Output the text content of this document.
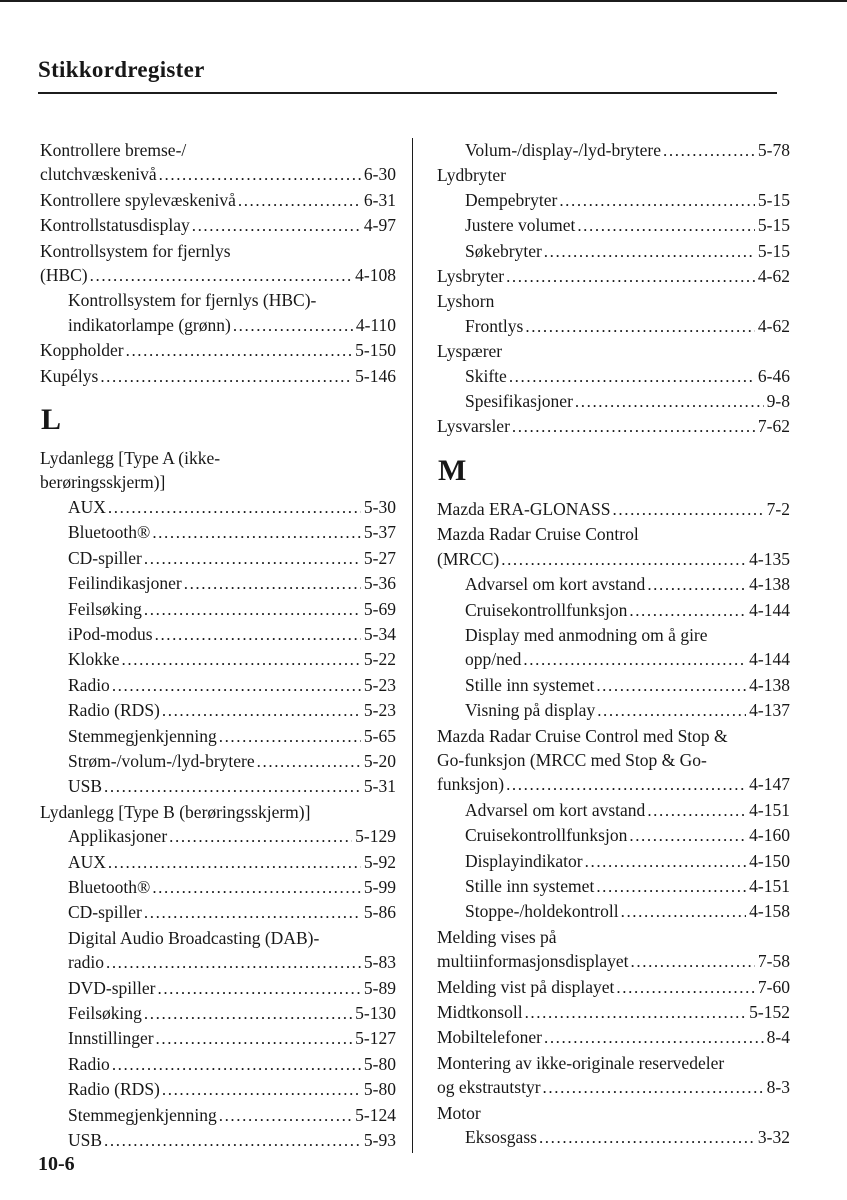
Stikkordregister
Kontrollere bremse-/
clutchvæskenivå .....	6-30
Kontrollere spylevæskenivå .....	6-31
Kontrollstatusdisplay .....	4-97
Kontrollsystem for fjernlys
(HBC) .....	4-108
Kontrollsystem for fjernlys (HBC)-
indikatorlampe (grønn) .....	4-110
Koppholder .....	5-150
Kupélys .....	5-146
L
Lydanlegg [Type A (ikke-
berøringsskjerm)]
AUX .....	5-30
Bluetooth® .....	5-37
CD-spiller .....	5-27
Feilindikasjoner .....	5-36
Feilsøking .....	5-69
iPod-modus .....	5-34
Klokke .....	5-22
Radio .....	5-23
Radio (RDS) .....	5-23
Stemmegjenkjenning .....	5-65
Strøm-/volum-/lyd-brytere .....	5-20
USB .....	5-31
Lydanlegg [Type B (berøringsskjerm)]
Applikasjoner .....	5-129
AUX .....	5-92
Bluetooth® .....	5-99
CD-spiller .....	5-86
Digital Audio Broadcasting (DAB)-
radio .....	5-83
DVD-spiller .....	5-89
Feilsøking .....	5-130
Innstillinger .....	5-127
Radio .....	5-80
Radio (RDS) .....	5-80
Stemmegjenkjenning .....	5-124
USB .....	5-93
Volum-/display-/lyd-brytere .....	5-78
Lydbryter
Dempebryter .....	5-15
Justere volumet .....	5-15
Søkebryter .....	5-15
Lysbryter .....	4-62
Lyshorn
Frontlys .....	4-62
Lyspærer
Skifte .....	6-46
Spesifikasjoner .....	9-8
Lysvarsler .....	7-62
M
Mazda ERA-GLONASS .....	7-2
Mazda Radar Cruise Control
(MRCC) .....	4-135
Advarsel om kort avstand .....	4-138
Cruisekontrollfunksjon .....	4-144
Display med anmodning om å gire
opp/ned .....	4-144
Stille inn systemet .....	4-138
Visning på display .....	4-137
Mazda Radar Cruise Control med Stop &
Go-funksjon (MRCC med Stop & Go-
funksjon) .....	4-147
Advarsel om kort avstand .....	4-151
Cruisekontrollfunksjon .....	4-160
Displayindikator .....	4-150
Stille inn systemet .....	4-151
Stoppe-/holdekontroll .....	4-158
Melding vises på
multiinformasjonsdisplayet .....	7-58
Melding vist på displayet .....	7-60
Midtkonsoll .....	5-152
Mobiltelefoner .....	8-4
Montering av ikke-originale reservedeler
og ekstrautstyr .....	8-3
Motor
Eksosgass .....	3-32
10-6
